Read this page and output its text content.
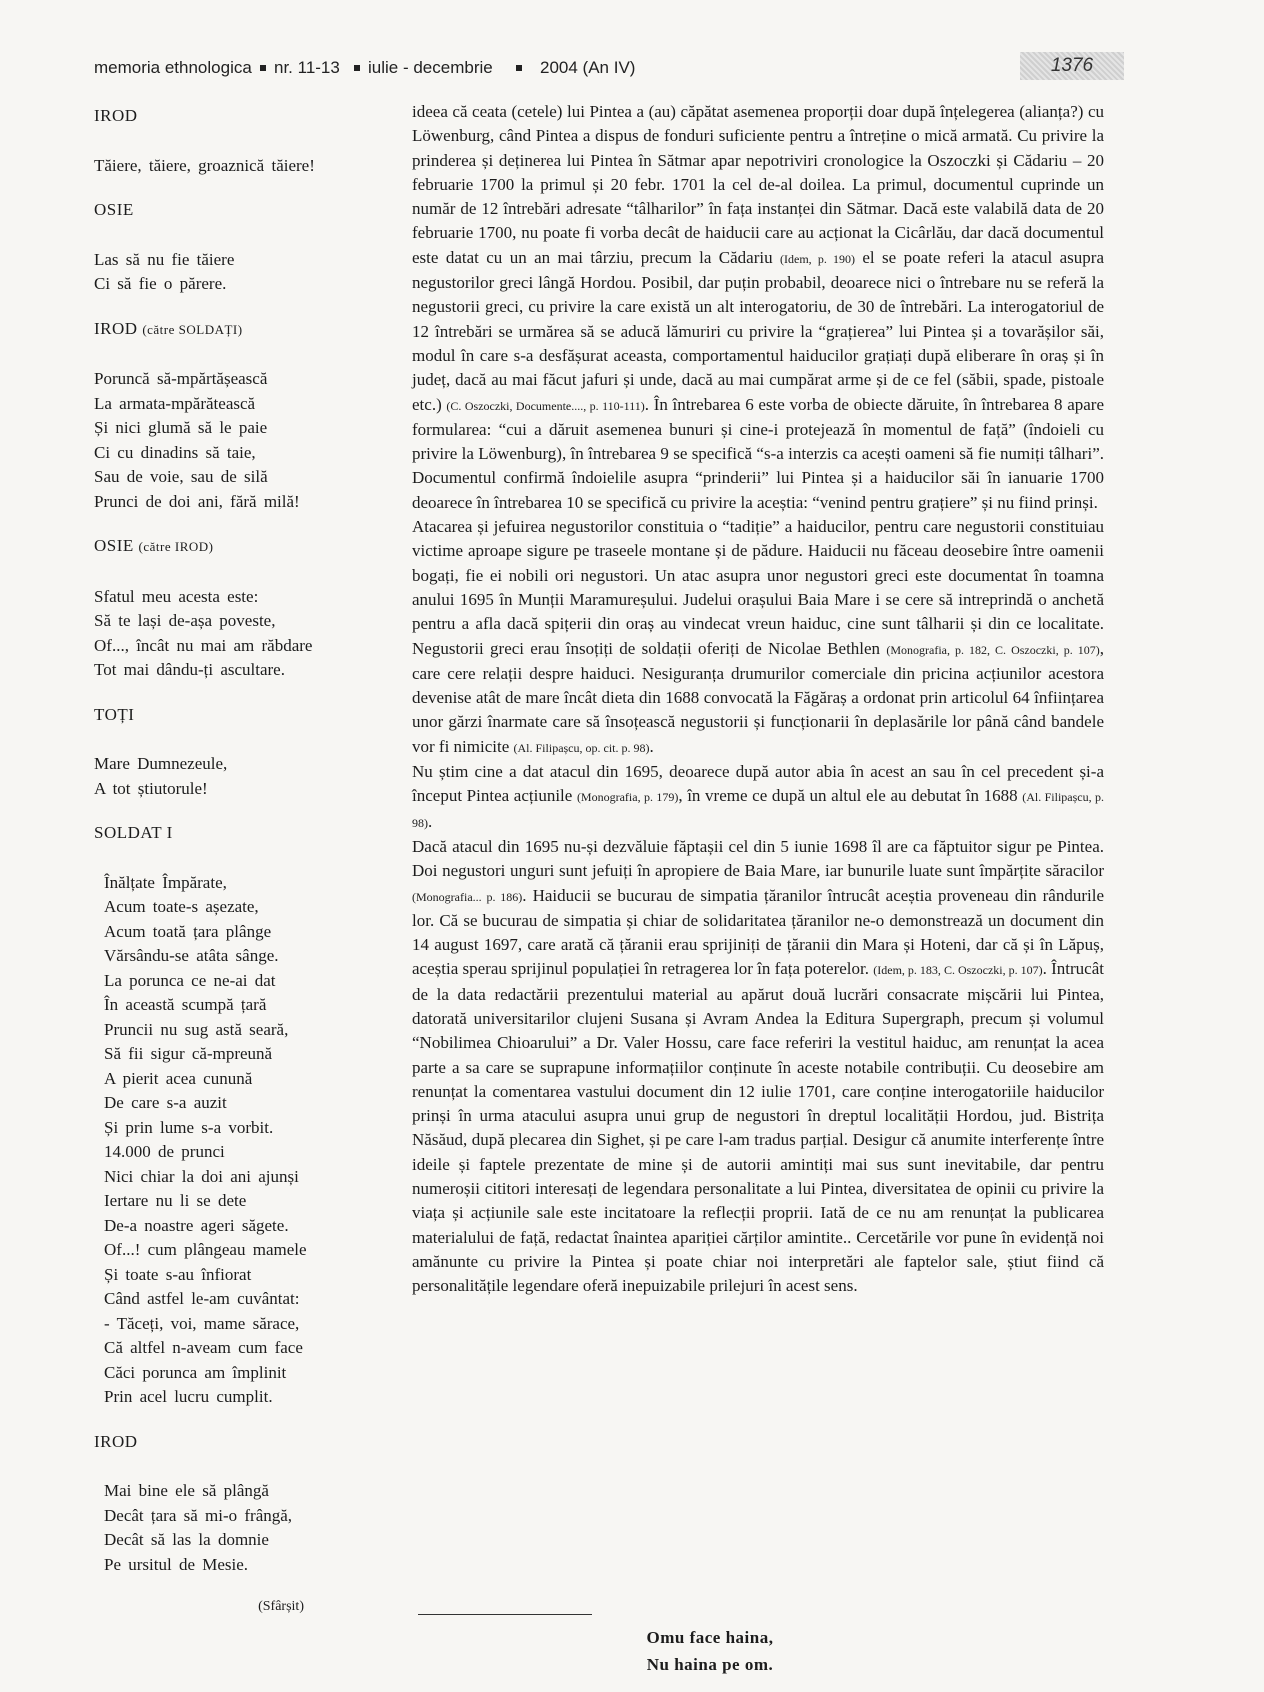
memoria ethnologica nr. 11-13 iulie - decembrie	2004 (An IV)	1376
IROD
Tăiere, tăiere, groaznică tăiere!
OSIE
Las să nu fie tăiere
Ci să fie o părere.
IROD (către SOLDAȚI)
Poruncă să-mpărtășească
La armata-mpărătească
Și nici glumă să le paie
Ci cu dinadins să taie,
Sau de voie, sau de silă
Prunci de doi ani, fără milă!
OSIE (către IROD)
Sfatul meu acesta este:
Să te lași de-așa poveste,
Of..., încât nu mai am răbdare
Tot mai dându-ți ascultare.
TOȚI
Mare Dumnezeule,
A tot știutorule!
SOLDAT I
Înălțate Împărate,
Acum toate-s așezate,
Acum toată țara plânge
Vărsându-se atâta sânge.
La porunca ce ne-ai dat
În această scumpă țară
Pruncii nu sug astă seară,
Să fii sigur că-mpreună
A pierit acea cunună
De care s-a auzit
Și prin lume s-a vorbit.
14.000 de prunci
Nici chiar la doi ani ajunși
Iertare nu li se dete
De-a noastre ageri săgete.
Of...! cum plângeau mamele
Și toate s-au înfiorat
Când astfel le-am cuvântat:
- Tăceți, voi, mame sărace,
Că altfel n-aveam cum face
Căci porunca am împlinit
Prin acel lucru cumplit.
IROD
Mai bine ele să plângă
Decât țara să mi-o frângă,
Decât să las la domnie
Pe ursitul de Mesie.
(Sfârșit)

ideea că ceata (cetele) lui Pintea a (au) căpătat asemenea proporții doar după înțelegerea (alianța?) cu Löwenburg, când Pintea a dispus de fonduri suficiente pentru a întreține o mică armată. Cu privire la prinderea și deținerea lui Pintea în Sătmar apar nepotriviri cronologice la Oszoczki și Cădariu – 20 februarie 1700 la primul și 20 febr. 1701 la cel de-al doilea. La primul, documentul cuprinde un număr de 12 întrebări adresate “tâlharilor” în fața instanței din Sătmar. Dacă este valabilă data de 20 februarie 1700, nu poate fi vorba decât de haiducii care au acționat la Cicârlău, dar dacă documentul este datat cu un an mai târziu, precum la Cădariu (Idem, p. 190) el se poate referi la atacul asupra negustorilor greci lângă Hordou. Posibil, dar puțin probabil, deoarece nici o întrebare nu se referă la negustorii greci, cu privire la care există un alt interogatoriu, de 30 de întrebări. La interogatoriul de 12 întrebări se urmărea să se aducă lămuriri cu privire la “grațierea” lui Pintea și a tovarășilor săi, modul în care s-a desfășurat aceasta, comportamentul haiducilor grațiați după eliberare în oraș și în județ, dacă au mai făcut jafuri și unde, dacă au mai cumpărat arme și de ce fel (săbii, spade, pistoale etc.) (C. Oszoczki, Documente...., p. 110-111). În întrebarea 6 este vorba de obiecte dăruite, în întrebarea 8 apare formularea: “cui a dăruit asemenea bunuri și cine-i protejează în momentul de față” (îndoieli cu privire la Löwenburg), în întrebarea 9 se specifică “s-a interzis ca acești oameni să fie numiți tâlhari”. Documentul confirmă îndoielile asupra “prinderii” lui Pintea și a haiducilor săi în ianuarie 1700 deoarece în întrebarea 10 se specifică cu privire la aceștia: “venind pentru grațiere” și nu fiind prinși.

Atacarea și jefuirea negustorilor constituia o “tadiție” a haiducilor, pentru care negustorii constituiau victime aproape sigure pe traseele montane și de pădure. Haiducii nu făceau deosebire între oamenii bogați, fie ei nobili ori negustori. Un atac asupra unor negustori greci este documentat în toamna anului 1695 în Munții Maramureșului. Judelui orașului Baia Mare i se cere să intreprindă o anchetă pentru a afla dacă spițerii din oraș au vindecat vreun haiduc, cine sunt tâlharii și din ce localitate. Negustorii greci erau însoțiți de soldații oferiți de Nicolae Bethlen (Monografia, p. 182, C. Oszoczki, p. 107), care cere relații despre haiduci. Nesiguranța drumurilor comerciale din pricina acțiunilor acestora devenise atât de mare încât dieta din 1688 convocată la Făgăraș a ordonat prin articolul 64 înființarea unor gărzi înarmate care să însoțească negustorii și funcționarii în deplasările lor până când bandele vor fi nimicite (Al. Filipașcu, op. cit. p. 98).

Nu știm cine a dat atacul din 1695, deoarece după autor abia în acest an sau în cel precedent și-a început Pintea acțiunile (Monografia, p. 179), în vreme ce după un altul ele au debutat în 1688 (Al. Filipașcu, p. 98).

Dacă atacul din 1695 nu-și dezvăluie făptașii cel din 5 iunie 1698 îl are ca făptuitor sigur pe Pintea. Doi negustori unguri sunt jefuiți în apropiere de Baia Mare, iar bunurile luate sunt împărțite săracilor (Monografia... p. 186). Haiducii se bucurau de simpatia țăranilor întrucât aceștia proveneau din rândurile lor. Că se bucurau de simpatia și chiar de solidaritatea țăranilor ne-o demonstrează un document din 14 august 1697, care arată că țăranii erau sprijiniți de țăranii din Mara și Hoteni, dar că și în Lăpuș, aceștia sperau sprijinul populației în retragerea lor în fața poterelor. (Idem, p. 183, C. Oszoczki, p. 107). Întrucât de la data redactării prezentului material au apărut două lucrări consacrate mișcării lui Pintea, datorată universitarilor clujeni Susana și Avram Andea la Editura Supergraph, precum și volumul “Nobilimea Chioarului” a Dr. Valer Hossu, care face referiri la vestitul haiduc, am renunțat la acea parte a sa care se suprapune informațiilor conținute în aceste notabile contribuții. Cu deosebire am renunțat la comentarea vastului document din 12 iulie 1701, care conține interogatoriile haiducilor prinși în urma atacului asupra unui grup de negustori în dreptul localității Hordou, jud. Bistrița Năsăud, după plecarea din Sighet, și pe care l-am tradus parțial. Desigur că anumite interferențe între ideile și faptele prezentate de mine și de autorii amintiți mai sus sunt inevitabile, dar pentru numeroșii cititori interesați de legendara personalitate a lui Pintea, diversitatea de opinii cu privire la viața și acțiunile sale este incitatoare la reflecții proprii. Iată de ce nu am renunțat la publicarea materialului de față, redactat înaintea apariției cărților amintite.. Cercetările vor pune în evidență noi amănunte cu privire la Pintea și poate chiar noi interpretări ale faptelor sale, știut fiind că personalitățile legendare oferă inepuizabile prilejuri în acest sens.

Omu face haina,
Nu haina pe om.
